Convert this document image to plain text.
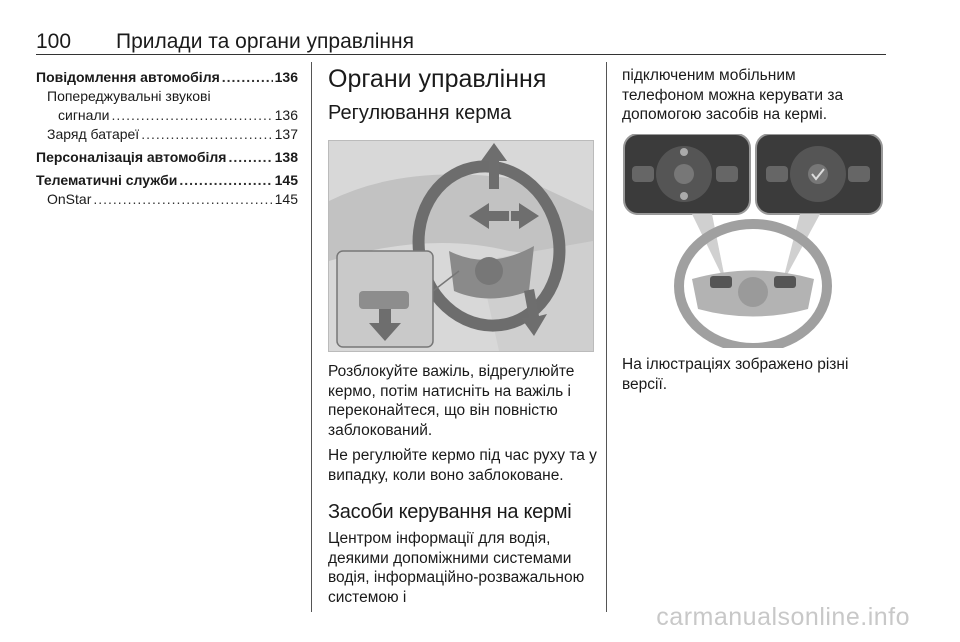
100 Прилади та органи управління
Повідомлення автомобіля .....	136
Попереджувальні звукові
сигнали .....	136
Заряд батареї .....	137
Персоналізація автомобіля .....	138
Телематичні служби .....	145
OnStar .....	145
Органи управління
Регулювання керма

Розблокуйте важіль, відрегулюйте кермо, потім натисніть на важіль і переконайтеся, що він повністю заблокований.

Не регулюйте кермо під час руху та у випадку, коли воно заблоковане.

Засоби керування на кермі

Центром інформації для водія, деякими допоміжними системами водія, інформаційно-розважальною системою і

підключеним мобільним телефоном можна керувати за допомогою засобів на кермі.

На ілюстраціях зображено різні версії.

carmanualsonline.info
